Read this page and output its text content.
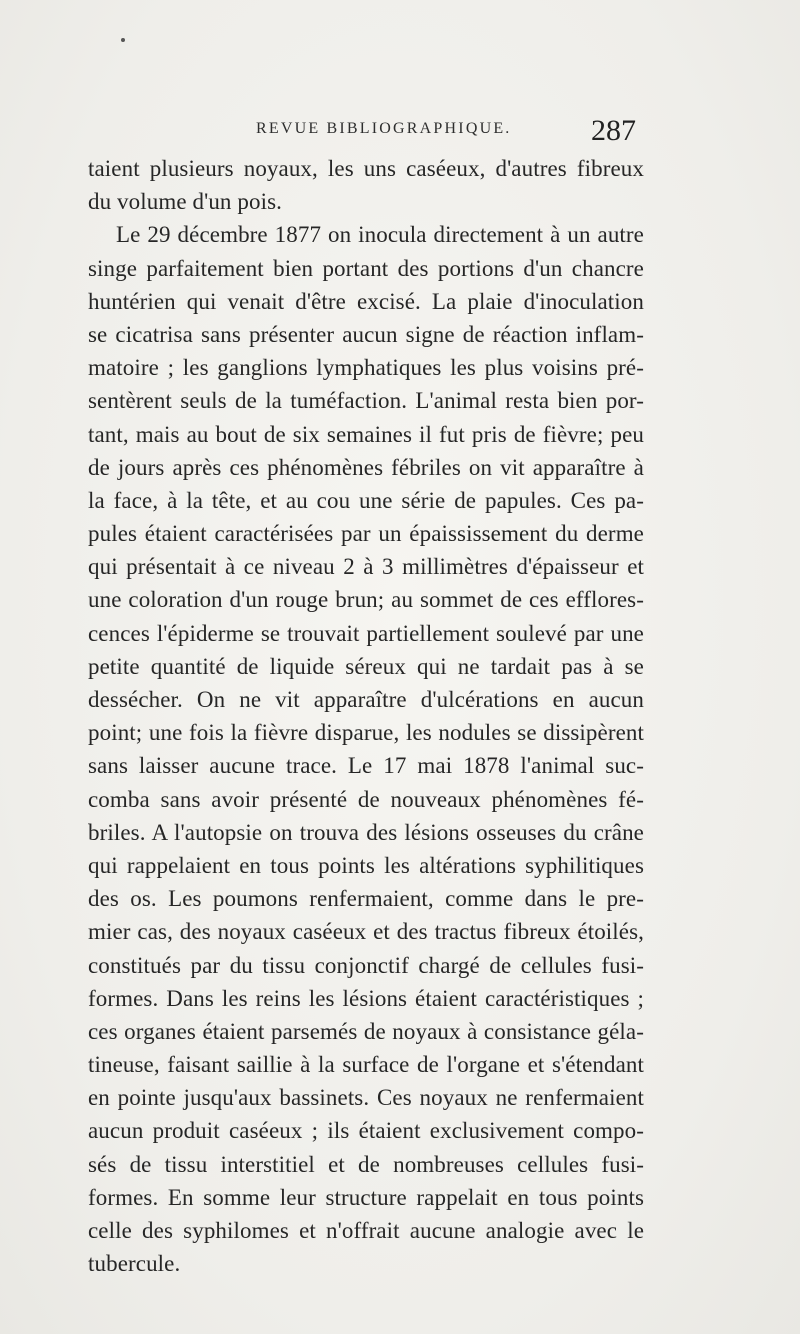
REVUE BIBLIOGRAPHIQUE.	287
taient plusieurs noyaux, les uns caséeux, d'autres fibreux
du volume d'un pois.
Le 29 décembre 1877 on inocula directement à un autre
singe parfaitement bien portant des portions d'un chancre
huntérien qui venait d'être excisé. La plaie d'inoculation
se cicatrisa sans présenter aucun signe de réaction inflam-
matoire ; les ganglions lymphatiques les plus voisins pré-
sentèrent seuls de la tuméfaction. L'animal resta bien por-
tant, mais au bout de six semaines il fut pris de fièvre; peu
de jours après ces phénomènes fébriles on vit apparaître à
la face, à la tête, et au cou une série de papules. Ces pa-
pules étaient caractérisées par un épaississement du derme
qui présentait à ce niveau 2 à 3 millimètres d'épaisseur et
une coloration d'un rouge brun; au sommet de ces efflores-
cences l'épiderme se trouvait partiellement soulevé par une
petite quantité de liquide séreux qui ne tardait pas à se
dessécher. On ne vit apparaître d'ulcérations en aucun
point; une fois la fièvre disparue, les nodules se dissipèrent
sans laisser aucune trace. Le 17 mai 1878 l'animal suc-
comba sans avoir présenté de nouveaux phénomènes fé-
briles. A l'autopsie on trouva des lésions osseuses du crâne
qui rappelaient en tous points les altérations syphilitiques
des os. Les poumons renfermaient, comme dans le pre-
mier cas, des noyaux caséeux et des tractus fibreux étoilés,
constitués par du tissu conjonctif chargé de cellules fusi-
formes. Dans les reins les lésions étaient caractéristiques ;
ces organes étaient parsemés de noyaux à consistance géla-
tineuse, faisant saillie à la surface de l'organe et s'étendant
en pointe jusqu'aux bassinets. Ces noyaux ne renfermaient
aucun produit caséeux ; ils étaient exclusivement compo-
sés de tissu interstitiel et de nombreuses cellules fusi-
formes. En somme leur structure rappelait en tous points
celle des syphilomes et n'offrait aucune analogie avec le
tubercule.
